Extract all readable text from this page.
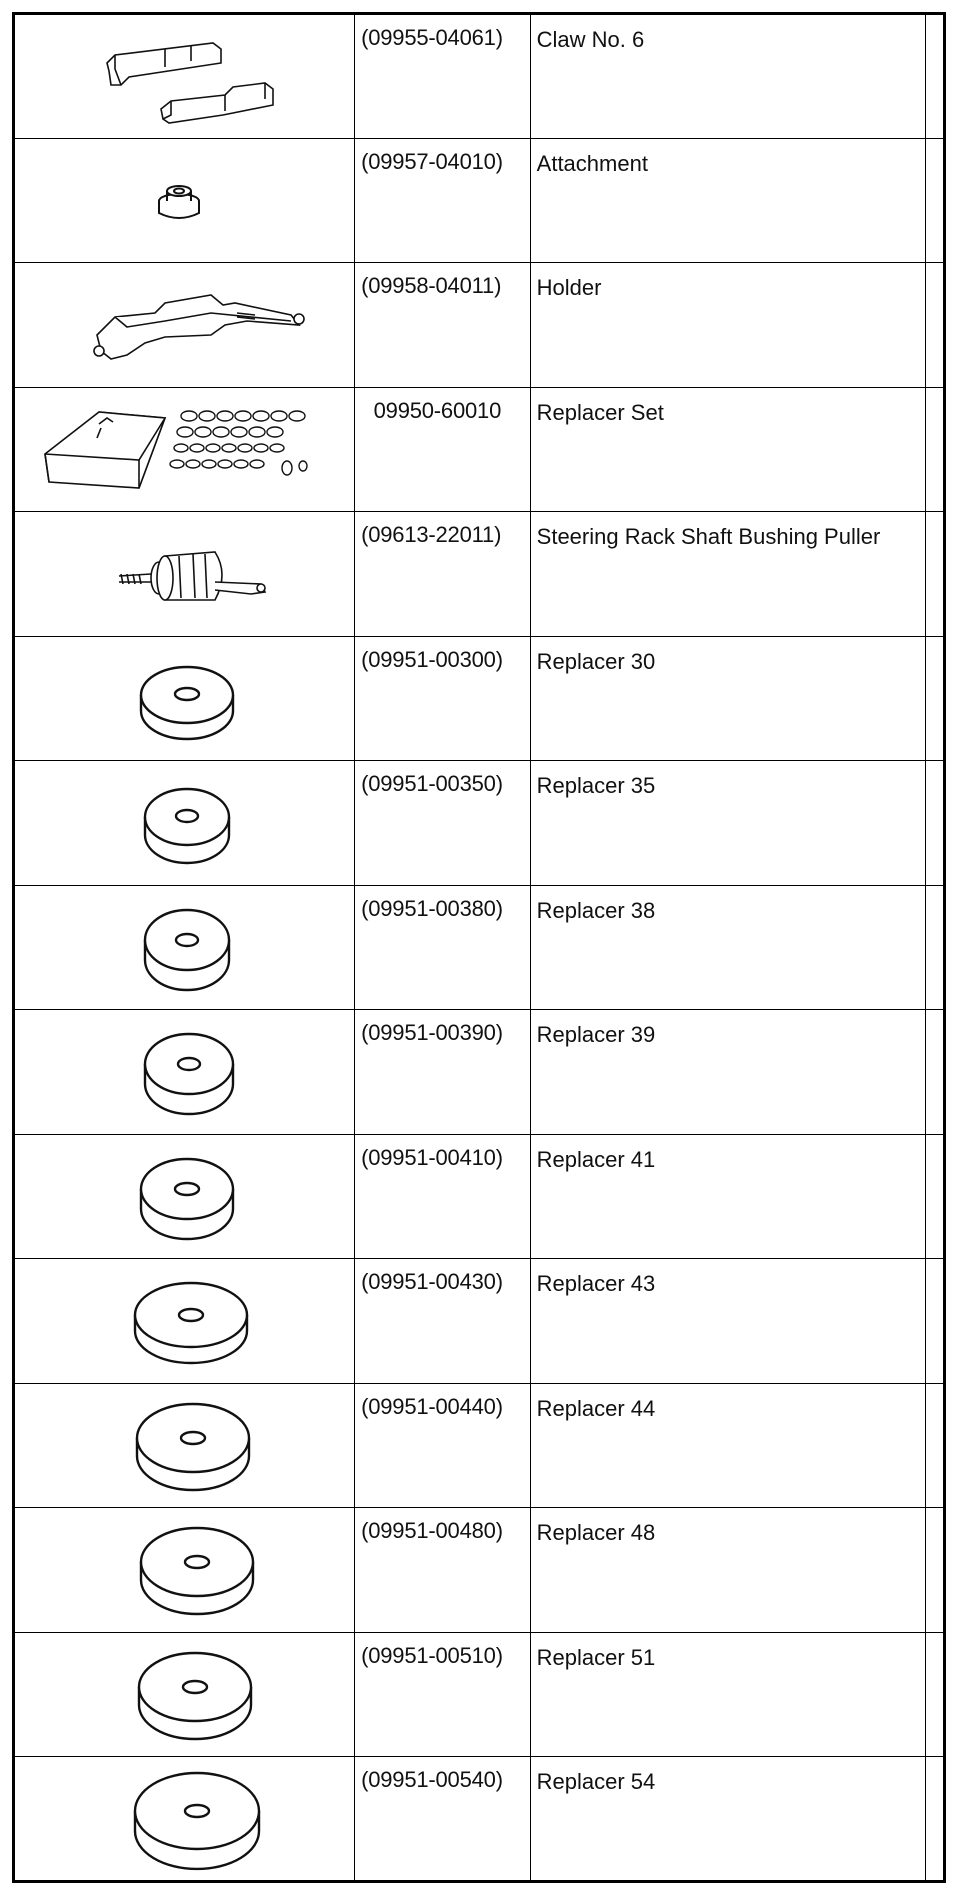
(09955-04061)	Claw No. 6	

(09957-04010)	Attachment	

(09958-04011)	Holder	

09950-60010	Replacer Set	

(09613-22011)	Steering Rack Shaft Bushing Puller	

(09951-00300)	Replacer 30	

(09951-00350)	Replacer 35	

(09951-00380)	Replacer 38	

(09951-00390)	Replacer 39	

(09951-00410)	Replacer 41	

(09951-00430)	Replacer 43	

(09951-00440)	Replacer 44	

(09951-00480)	Replacer 48	

(09951-00510)	Replacer 51	

(09951-00540)	Replacer 54	
